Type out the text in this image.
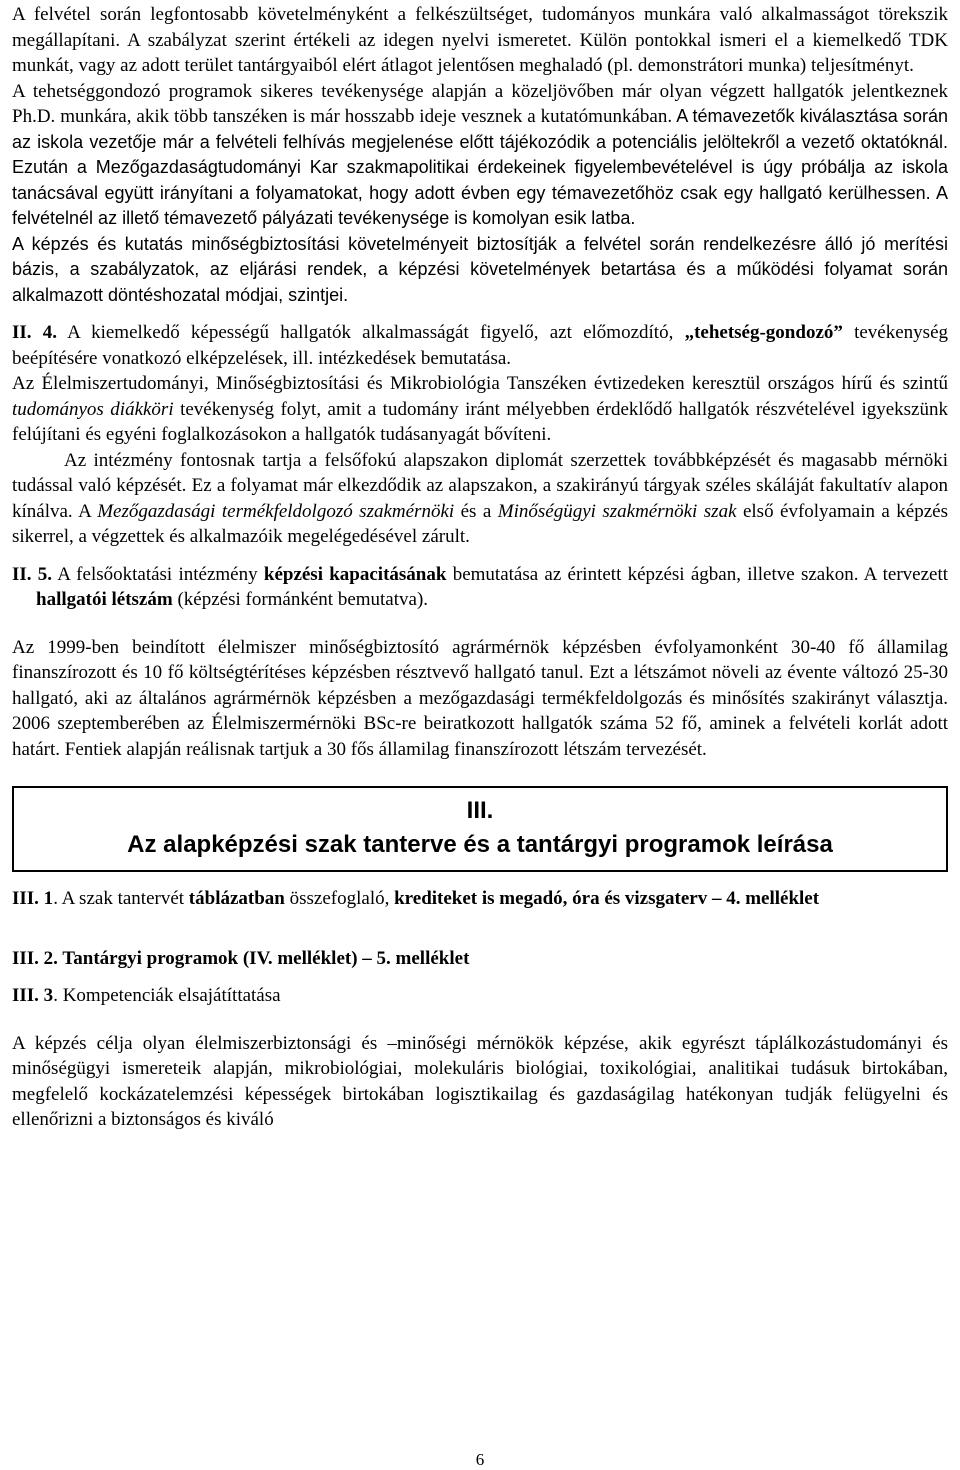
A felvétel során legfontosabb követelményként a felkészültséget, tudományos munkára való alkalmasságot törekszik megállapítani. A szabályzat szerint értékeli az idegen nyelvi ismeretet. Külön pontokkal ismeri el a kiemelkedő TDK munkát, vagy az adott terület tantárgyaiból elért átlagot jelentősen meghaladó (pl. demonstrátori munka) teljesítményt.
A tehetséggondozó programok sikeres tevékenysége alapján a közeljövőben már olyan végzett hallgatók jelentkeznek Ph.D. munkára, akik több tanszéken is már hosszabb ideje vesznek a kutatómunkában. A témavezetők kiválasztása során az iskola vezetője már a felvételi felhívás megjelenése előtt tájékozódik a potenciális jelöltekről a vezető oktatóknál. Ezután a Mezőgazdaságtudományi Kar szakmapolitikai érdekeinek figyelembevételével is úgy próbálja az iskola tanácsával együtt irányítani a folyamatokat, hogy adott évben egy témavezetőhöz csak egy hallgató kerülhessen. A felvételnél az illető témavezető pályázati tevékenysége is komolyan esik latba.

A képzés és kutatás minőségbiztosítási követelményeit biztosítják a felvétel során rendelkezésre álló jó merítési bázis, a szabályzatok, az eljárási rendek, a képzési követelmények betartása és a működési folyamat során alkalmazott döntéshozatal módjai, szintjei.

II. 4. A kiemelkedő képességű hallgatók alkalmasságát figyelő, azt előmozdító, „tehetség-gondozó” tevékenység beépítésére vonatkozó elképzelések, ill. intézkedések bemutatása.

Az Élelmiszertudományi, Minőségbiztosítási és Mikrobiológia Tanszéken évtizedeken keresztül országos hírű és szintű tudományos diákköri tevékenység folyt, amit a tudomány iránt mélyebben érdeklődő hallgatók részvételével igyekszünk felújítani és egyéni foglalkozásokon a hallgatók tudásanyagát bővíteni.

Az intézmény fontosnak tartja a felsőfokú alapszakon diplomát szerzettek továbbképzését és magasabb mérnöki tudással való képzését. Ez a folyamat már elkezdődik az alapszakon, a szakirányú tárgyak széles skáláját fakultatív alapon kínálva. A Mezőgazdasági termékfeldolgozó szakmérnöki és a Minőségügyi szakmérnöki szak első évfolyamain a képzés sikerrel, a végzettek és alkalmazóik megelégedésével zárult.

II. 5. A felsőoktatási intézmény képzési kapacitásának bemutatása az érintett képzési ágban, illetve szakon. A tervezett hallgatói létszám (képzési formánként bemutatva).

Az 1999-ben beindított élelmiszer minőségbiztosító agrármérnök képzésben évfolyamonként 30-40 fő államilag finanszírozott és 10 fő költségtérítéses képzésben résztvevő hallgató tanul. Ezt a létszámot növeli az évente változó 25-30 hallgató, aki az általános agrármérnök képzésben a mezőgazdasági termékfeldolgozás és minősítés szakirányt választja. 2006 szeptemberében az Élelmiszermérnöki BSc-re beiratkozott hallgatók száma 52 fő, aminek a felvételi korlát adott határt. Fentiek alapján reálisnak tartjuk a 30 fős államilag finanszírozott létszám tervezését.

III.
Az alapképzési szak tanterve és a tantárgyi programok leírása

III. 1. A szak tantervét táblázatban összefoglaló, krediteket is megadó, óra és vizsgaterv – 4. melléklet

III. 2. Tantárgyi programok (IV. melléklet) – 5. melléklet

III. 3. Kompetenciák elsajátíttatása

A képzés célja olyan élelmiszerbiztonsági és –minőségi mérnökök képzése, akik egyrészt táplálkozástudományi és minőségügyi ismereteik alapján, mikrobiológiai, molekuláris biológiai, toxikológiai, analitikai tudásuk birtokában, megfelelő kockázatelemzési képességek birtokában logisztikailag és gazdaságilag hatékonyan tudják felügyelni és ellenőrizni a biztonságos és kiváló

6
